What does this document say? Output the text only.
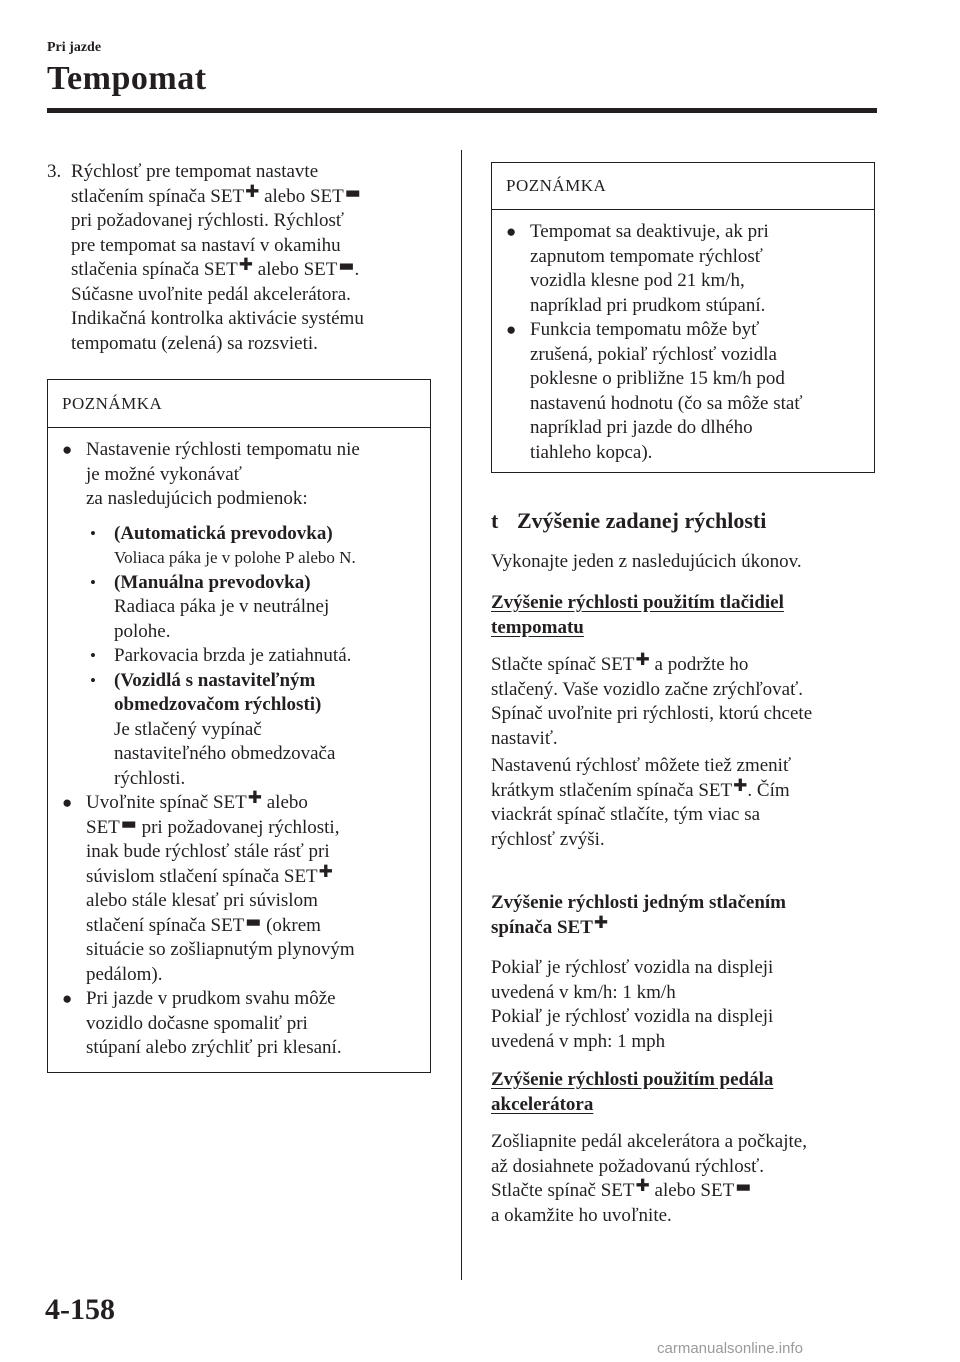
Pri jazde
Tempomat
3. Rýchlosť pre tempomat nastavte
stlačením spínača SET✚ alebo SET▬
pri požadovanej rýchlosti. Rýchlosť
pre tempomat sa nastaví v okamihu
stlačenia spínača SET✚ alebo SET▬.
Súčasne uvoľnite pedál akcelerátora.
Indikačná kontrolka aktivácie systému
tempomatu (zelená) sa rozsvieti.
POZNÁMKA
● Nastavenie rýchlosti tempomatu nie
je možné vykonávať
za nasledujúcich podmienok:
• (Automatická prevodovka)
Voliaca páka je v polohe P alebo N.
• (Manuálna prevodovka)
Radiaca páka je v neutrálnej
polohe.
• Parkovacia brzda je zatiahnutá.
• (Vozidlá s nastaviteľným
obmedzovačom rýchlosti)
Je stlačený vypínač
nastaviteľného obmedzovača
rýchlosti.
● Uvoľnite spínač SET✚ alebo
SET▬ pri požadovanej rýchlosti,
inak bude rýchlosť stále rásť pri
súvislom stlačení spínača SET✚
alebo stále klesať pri súvislom
stlačení spínača SET▬ (okrem
situácie so zošliapnutým plynovým
pedálom).
● Pri jazde v prudkom svahu môže
vozidlo dočasne spomaliť pri
stúpaní alebo zrýchliť pri klesaní.
POZNÁMKA
● Tempomat sa deaktivuje, ak pri
zapnutom tempomate rýchlosť
vozidla klesne pod 21 km/h,
napríklad pri prudkom stúpaní.
● Funkcia tempomatu môže byť
zrušená, pokiaľ rýchlosť vozidla
poklesne o približne 15 km/h pod
nastavenú hodnotu (čo sa môže stať
napríklad pri jazde do dlhého
tiahleho kopca).
t Zvýšenie zadanej rýchlosti
Vykonajte jeden z nasledujúcich úkonov.
Zvýšenie rýchlosti použitím tlačidiel
tempomatu
Stlačte spínač SET✚ a podržte ho
stlačený. Vaše vozidlo začne zrýchľovať.
Spínač uvoľnite pri rýchlosti, ktorú chcete
nastaviť.
Nastavenú rýchlosť môžete tiež zmeniť
krátkym stlačením spínača SET✚. Čím
viackrát spínač stlačíte, tým viac sa
rýchlosť zvýši.
Zvýšenie rýchlosti jedným stlačením
spínača SET✚
Pokiaľ je rýchlosť vozidla na displeji
uvedená v km/h: 1 km/h
Pokiaľ je rýchlosť vozidla na displeji
uvedená v mph: 1 mph
Zvýšenie rýchlosti použitím pedála
akcelerátora
Zošliapnite pedál akcelerátora a počkajte,
až dosiahnete požadovanú rýchlosť.
Stlačte spínač SET✚ alebo SET▬
a okamžite ho uvoľnite.
4-158
carmanualsonline.info
